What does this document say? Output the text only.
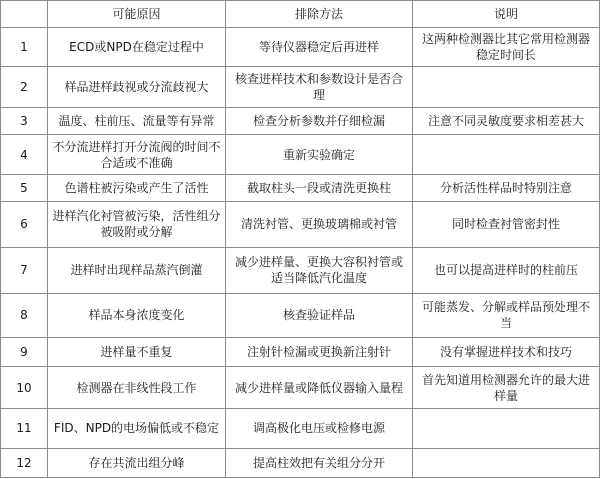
	可能原因	排除方法	说明
1	ECD或NPD在稳定过程中	等待仪器稳定后再进样	这两种检测器比其它常用检测器稳定时间长
2	样品进样歧视或分流歧视大	核查进样技术和参数设计是否合理	
3	温度、柱前压、流量等有异常	检查分析参数并仔细检漏	注意不同灵敏度要求相差甚大
4	不分流进样打开分流阀的时间不合适或不准确	重新实验确定	
5	色谱柱被污染或产生了活性	截取柱头一段或清洗更换柱	分析活性样品时特别注意
6	进样汽化衬管被污染，活性组分被吸附或分解	清洗衬管、更换玻璃棉或衬管	同时检查衬管密封性
7	进样时出现样品蒸汽倒灌	减少进样量、更换大容积衬管或适当降低汽化温度	也可以提高进样时的柱前压
8	样品本身浓度变化	核查验证样品	可能蒸发、分解或样品预处理不当
9	进样量不重复	注射针检漏或更换新注射针	没有掌握进样技术和技巧
10	检测器在非线性段工作	减少进样量或降低仪器输入量程	首先知道用检测器允许的最大进样量
11	FID、NPD的电场偏低或不稳定	调高极化电压或检修电源	
12	存在共流出组分峰	提高柱效把有关组分分开	
